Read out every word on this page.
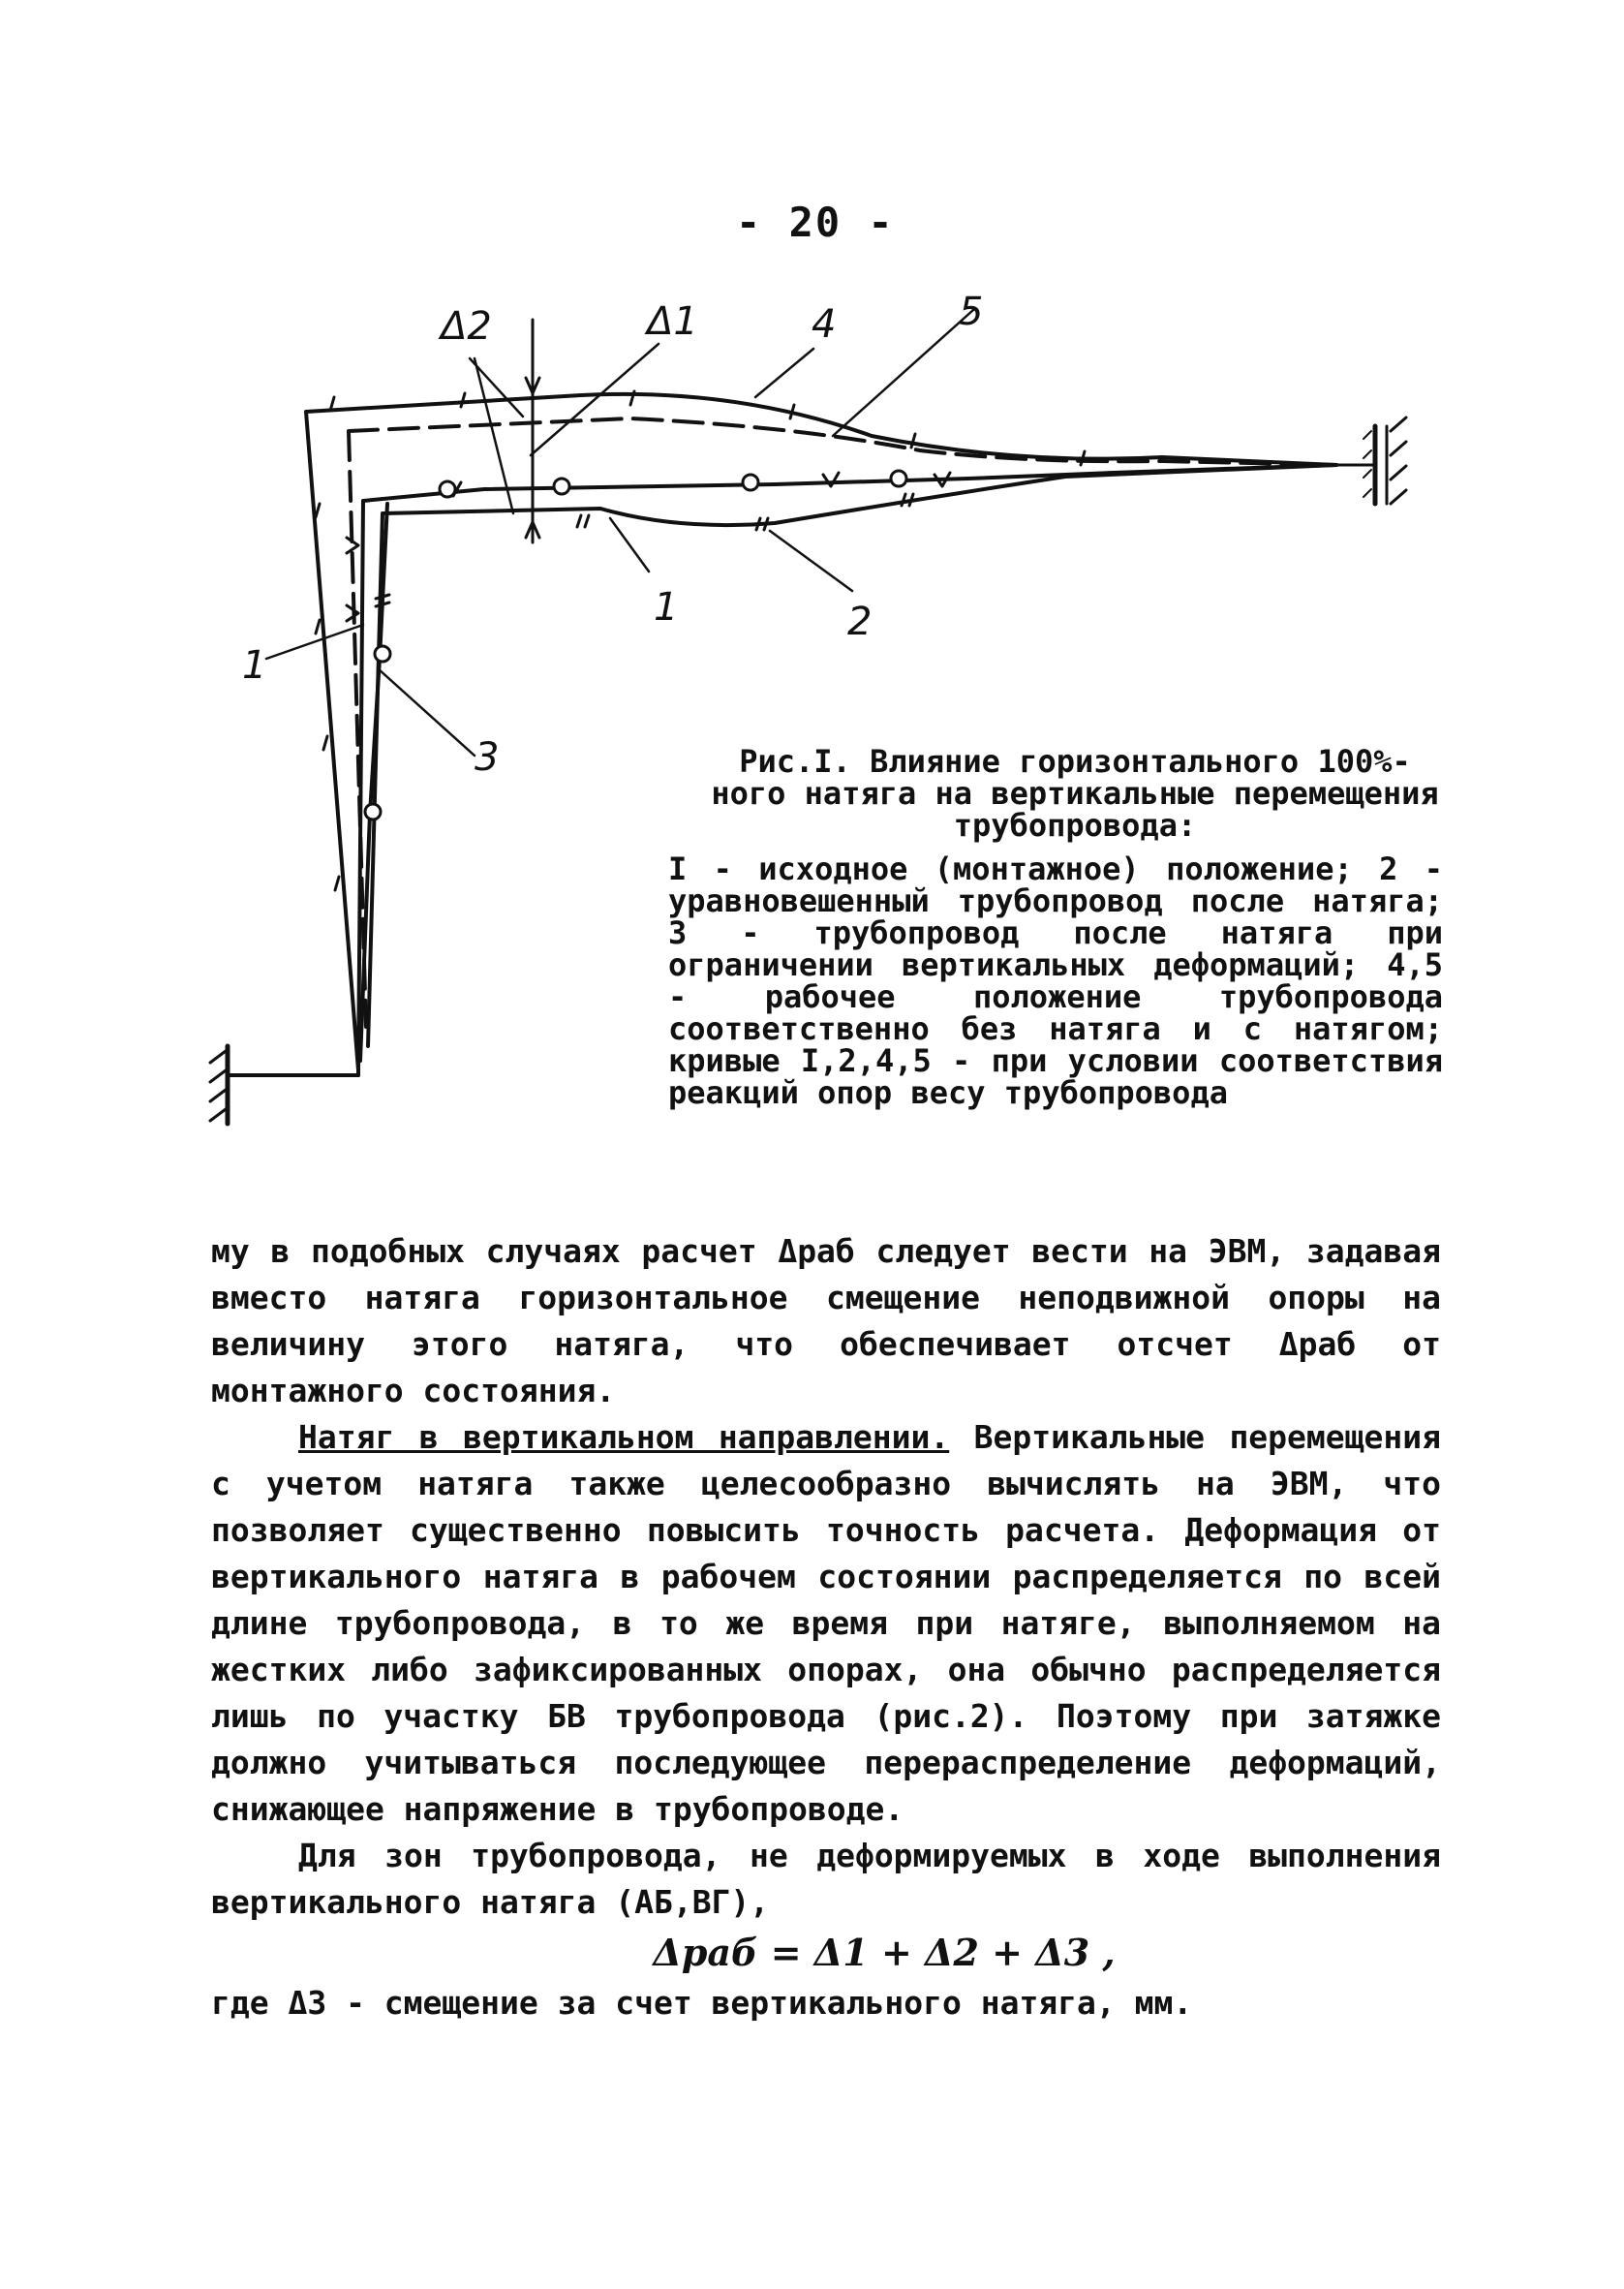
- 20 -
Δ2	Δ1	4	5
1	2
1
3	Рис.I. Влияние горизонтального 100%-ного натяга на вертикальные перемещения трубопровода:
I - исходное (монтажное) положение; 2 - уравновешенный трубопровод после натяга; 3 - трубопровод после натяга при ограничении вертикальных деформаций; 4,5 - рабочее положение трубопровода соответственно без натяга и с натягом; кривые I,2,4,5 - при условии соответствия реакций опор весу трубопровода

му в подобных случаях расчет Δраб следует вести на ЭВМ, задавая вместо натяга горизонтальное смещение неподвижной опоры на величину этого натяга, что обеспечивает отсчет Δраб от монтажного состояния.

Натяг в вертикальном направлении. Вертикальные перемещения с учетом натяга также целесообразно вычислять на ЭВМ, что позволяет существенно повысить точность расчета. Деформация от вертикального натяга в рабочем состоянии распределяется по всей длине трубопровода, в то же время при натяге, выполняемом на жестких либо зафиксированных опорах, она обычно распределяется лишь по участку БВ трубопровода (рис.2). Поэтому при затяжке должно учитываться последующее перераспределение деформаций, снижающее напряжение в трубопроводе.

Для зон трубопровода, не деформируемых в ходе выполнения вертикального натяга (АБ,ВГ),

Δраб = Δ1 + Δ2 + Δ3 ,

где Δ3 - смещение за счет вертикального натяга, мм.
